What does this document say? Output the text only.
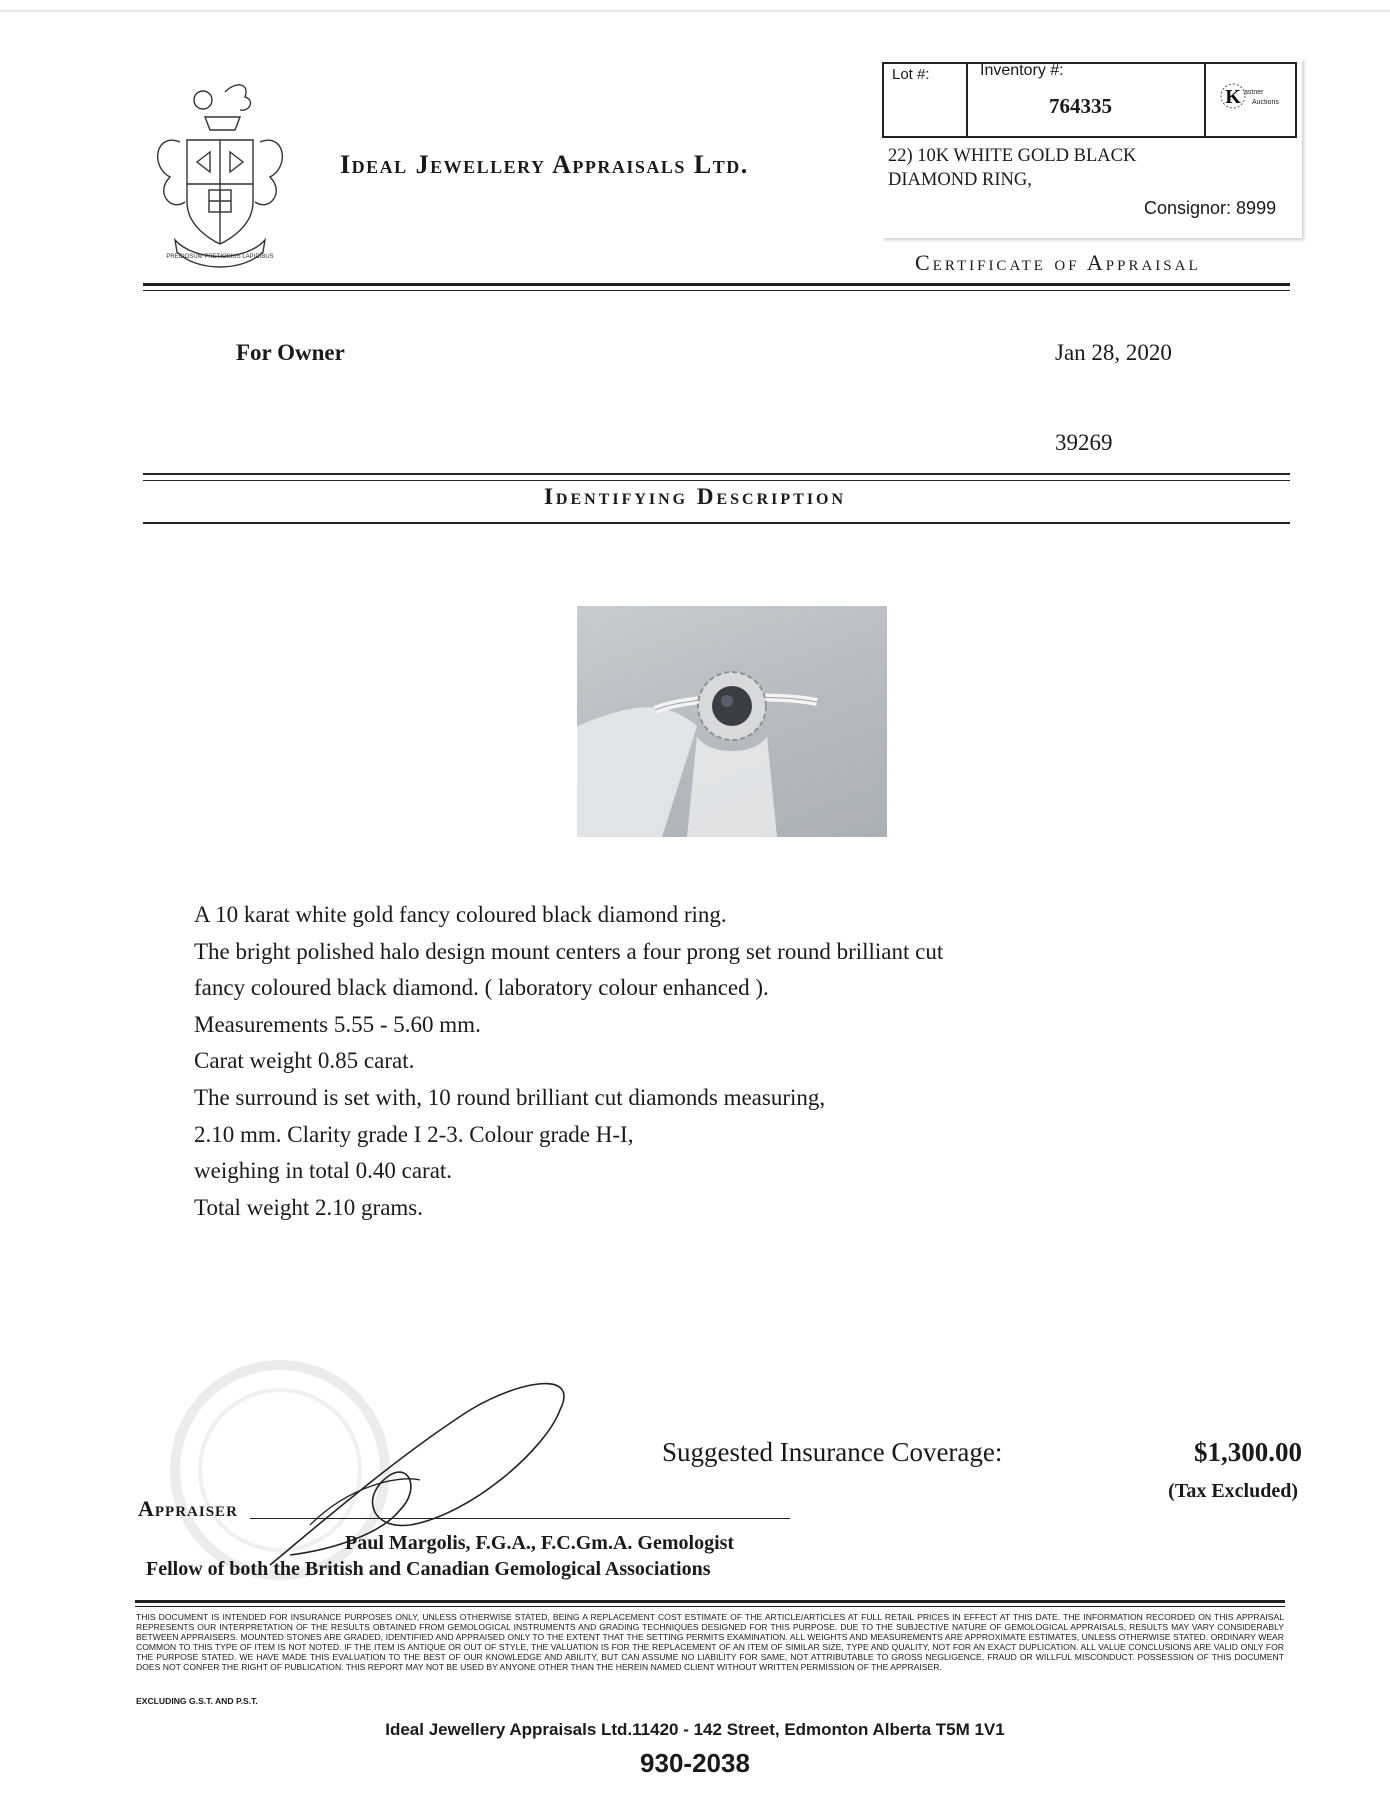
PRECIOSUM PRETIOSIUS LAPIDIBUS
Ideal Jewellery Appraisals Ltd.
Lot #:	Inventory #:
764335	K astner
Auctions
22) 10K WHITE GOLD BLACK
DIAMOND RING,
Consignor: 8999
Certificate of Appraisal
For Owner	Jan 28, 2020
39269
Identifying Description
A 10 karat white gold fancy coloured black diamond ring.
The bright polished halo design mount centers a four prong set round brilliant cut
fancy coloured black diamond. ( laboratory colour enhanced ).
Measurements 5.55 - 5.60 mm.
Carat weight 0.85 carat.
The surround is set with, 10 round brilliant cut diamonds measuring,
2.10 mm. Clarity grade I 2-3. Colour grade H-I,
weighing in total 0.40 carat.
Total weight 2.10 grams.
Suggested Insurance Coverage:	$1,300.00
(Tax Excluded)
Appraiser
Paul Margolis, F.G.A., F.C.Gm.A. Gemologist
Fellow of both the British and Canadian Gemological Associations
THIS DOCUMENT IS INTENDED FOR INSURANCE PURPOSES ONLY, UNLESS OTHERWISE STATED, BEING A REPLACEMENT COST ESTIMATE OF THE ARTICLE/ARTICLES AT FULL RETAIL PRICES IN EFFECT AT THIS DATE. THE INFORMATION RECORDED ON THIS APPRAISAL REPRESENTS OUR INTERPRETATION OF THE RESULTS OBTAINED FROM GEMOLOGICAL INSTRUMENTS AND GRADING TECHNIQUES DESIGNED FOR THIS PURPOSE. DUE TO THE SUBJECTIVE NATURE OF GEMOLOGICAL APPRAISALS, RESULTS MAY VARY CONSIDERABLY BETWEEN APPRAISERS. MOUNTED STONES ARE GRADED, IDENTIFIED AND APPRAISED ONLY TO THE EXTENT THAT THE SETTING PERMITS EXAMINATION. ALL WEIGHTS AND MEASUREMENTS ARE APPROXIMATE ESTIMATES, UNLESS OTHERWISE STATED. ORDINARY WEAR COMMON TO THIS TYPE OF ITEM IS NOT NOTED. IF THE ITEM IS ANTIQUE OR OUT OF STYLE, THE VALUATION IS FOR THE REPLACEMENT OF AN ITEM OF SIMILAR SIZE, TYPE AND QUALITY, NOT FOR AN EXACT DUPLICATION. ALL VALUE CONCLUSIONS ARE VALID ONLY FOR THE PURPOSE STATED. WE HAVE MADE THIS EVALUATION TO THE BEST OF OUR KNOWLEDGE AND ABILITY, BUT CAN ASSUME NO LIABILITY FOR SAME, NOT ATTRIBUTABLE TO GROSS NEGLIGENCE, FRAUD OR WILLFUL MISCONDUCT. POSSESSION OF THIS DOCUMENT DOES NOT CONFER THE RIGHT OF PUBLICATION. THIS REPORT MAY NOT BE USED BY ANYONE OTHER THAN THE HEREIN NAMED CLIENT WITHOUT WRITTEN PERMISSION OF THE APPRAISER.
EXCLUDING G.S.T. AND P.S.T.
Ideal Jewellery Appraisals Ltd.11420 - 142 Street, Edmonton Alberta T5M 1V1
930-2038
